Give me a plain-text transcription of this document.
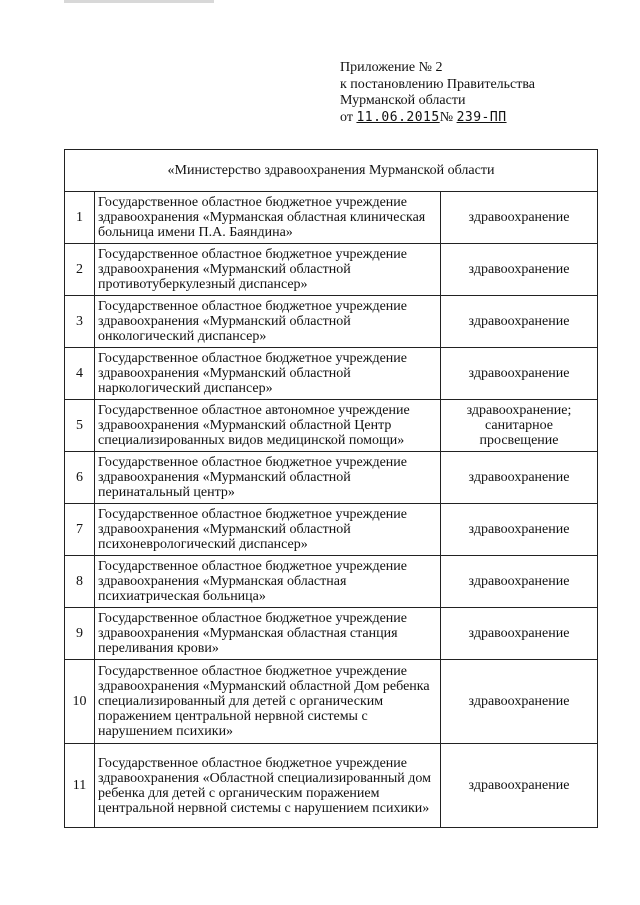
Приложение № 2
к постановлению Правительства
Мурманской области
от 11.06.2015№ 239-ПП
«Министерство здравоохранения Мурманской области		
1	Государственное областное бюджетное учреждение здравоохранения «Мурманская областная клиническая больница имени П.А. Баяндина»	здравоохранение
2	Государственное областное бюджетное учреждение здравоохранения «Мурманский областной противотуберкулезный диспансер»	здравоохранение
3	Государственное областное бюджетное учреждение здравоохранения «Мурманский областной онкологический диспансер»	здравоохранение
4	Государственное областное бюджетное учреждение здравоохранения «Мурманский областной наркологический диспансер»	здравоохранение
5	Государственное областное автономное учреждение здравоохранения «Мурманский областной Центр специализированных видов медицинской помощи»	здравоохранение; санитарное просвещение
6	Государственное областное бюджетное учреждение здравоохранения «Мурманский областной перинатальный центр»	здравоохранение
7	Государственное областное бюджетное учреждение здравоохранения «Мурманский областной психоневрологический диспансер»	здравоохранение
8	Государственное областное бюджетное учреждение здравоохранения «Мурманская областная психиатрическая больница»	здравоохранение
9	Государственное областное бюджетное учреждение здравоохранения «Мурманская областная станция переливания крови»	здравоохранение
10	Государственное областное бюджетное учреждение здравоохранения «Мурманский областной Дом ребенка специализированный для детей с органическим поражением центральной нервной системы с нарушением психики»	здравоохранение
11	Государственное областное бюджетное учреждение здравоохранения «Областной специализированный дом ребенка для детей с органическим поражением центральной нервной системы с нарушением психики»	здравоохранение
